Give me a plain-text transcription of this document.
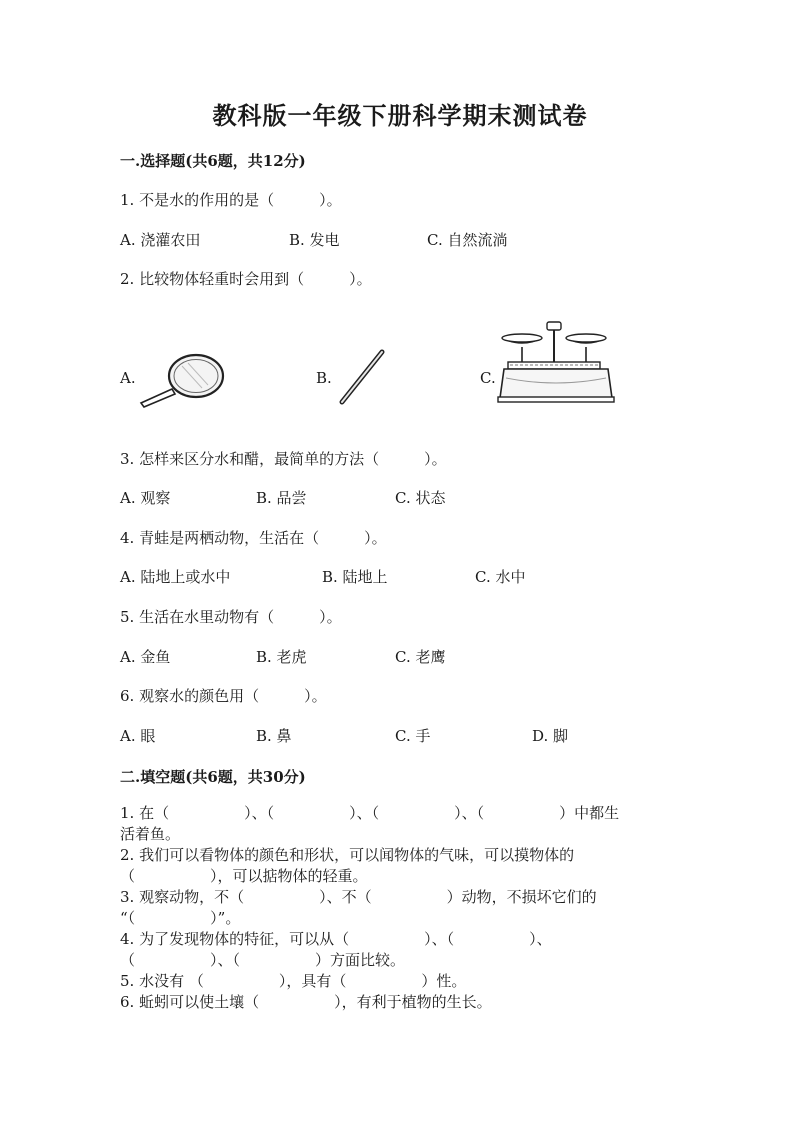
教科版一年级下册科学期末测试卷
一.选择题(共6题，共12分)
1. 不是水的作用的是（　　　）。
A. 浇灌农田	B. 发电	C. 自然流淌
2. 比较物体轻重时会用到（　　　）。
A.	B.	C.
3. 怎样来区分水和醋，最简单的方法（　　　）。
A. 观察	B. 品尝	C. 状态
4. 青蛙是两栖动物，生活在（　　　）。
A. 陆地上或水中	B. 陆地上	C. 水中
5. 生活在水里动物有（　　　）。
A. 金鱼	B. 老虎	C. 老鹰
6. 观察水的颜色用（　　　）。
A. 眼	B. 鼻	C. 手	D. 脚
二.填空题(共6题，共30分)
1. 在（　　　　　）、（　　　　　）、（　　　　　）、（　　　　　）中都生
活着鱼。
2. 我们可以看物体的颜色和形状，可以闻物体的气味，可以摸物体的
（　　　　　），可以掂物体的轻重。
3. 观察动物，不（　　　　　）、不（　　　　　）动物，不损坏它们的
“（　　　　　）”。
4. 为了发现物体的特征，可以从（　　　　　）、（　　　　　）、
（　　　　　）、（　　　　　）方面比较。
5. 水没有 （　　　　　），具有（　　　　　）性。
6. 蚯蚓可以使土壤（　　　　　），有利于植物的生长。
